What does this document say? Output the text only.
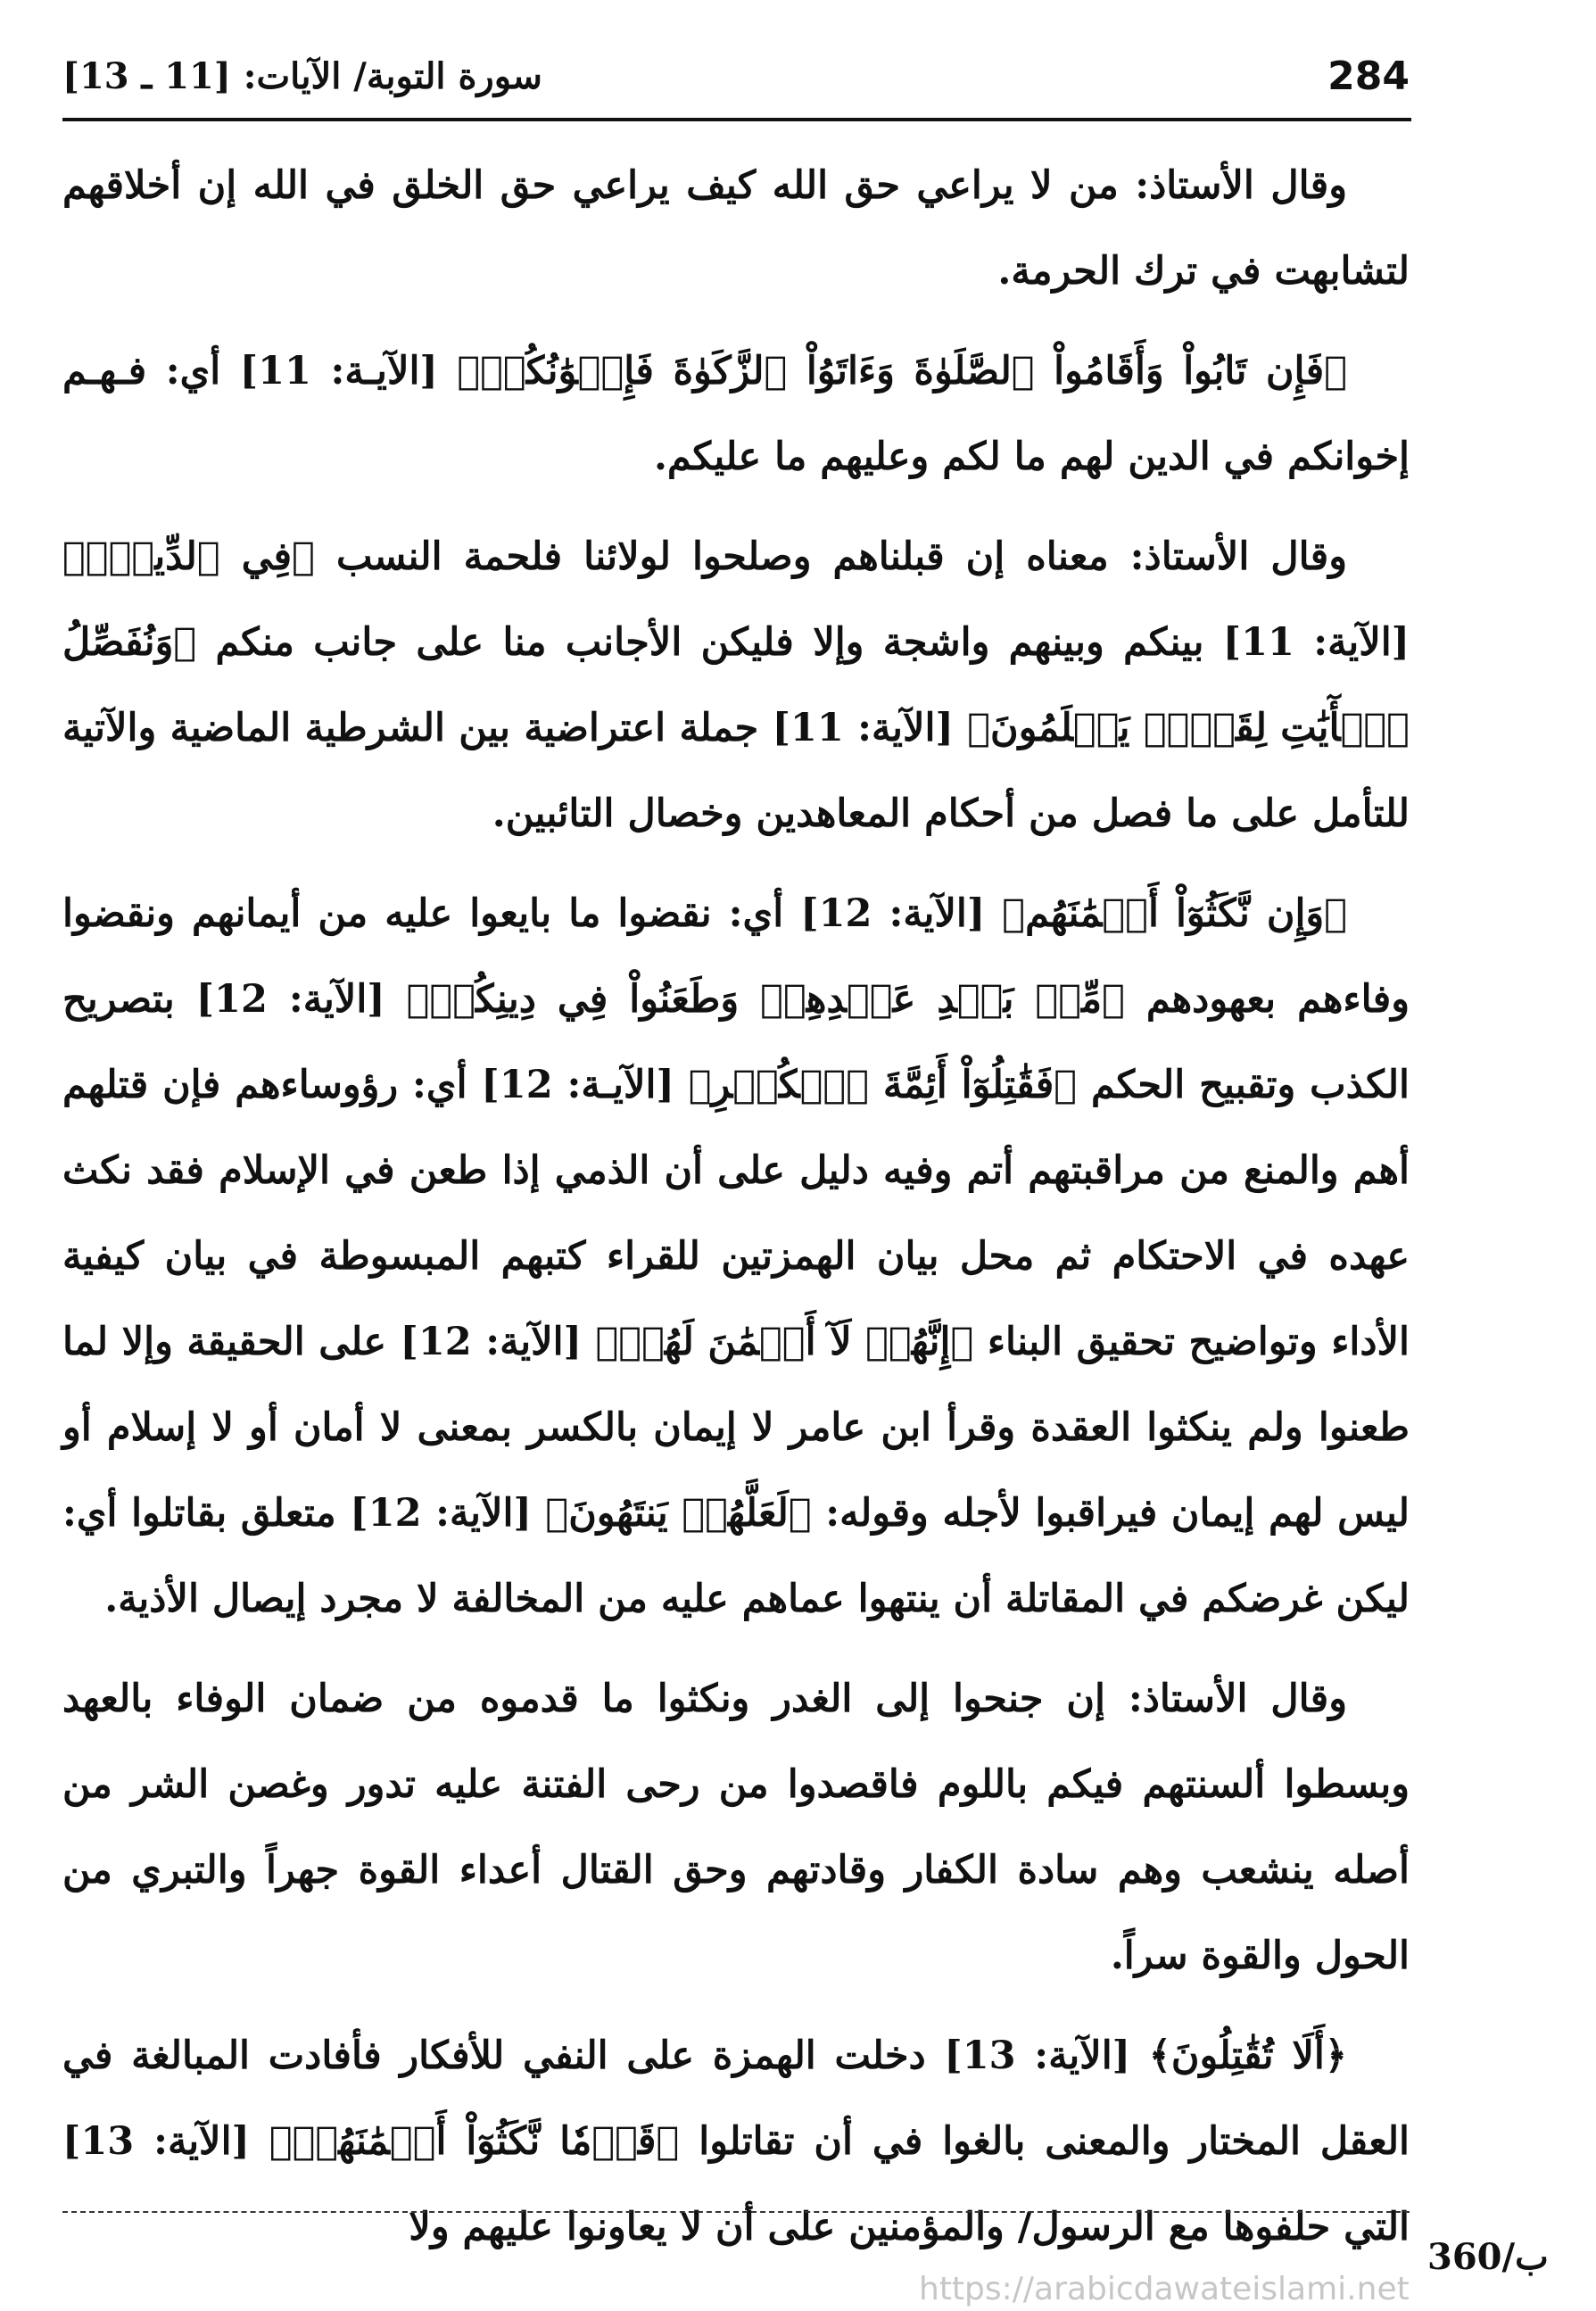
284
سورة التوبة/ الآيات: [11 ـ 13]

وقال الأستاذ: من لا يراعي حق الله كيف يراعي حق الخلق في الله إن أخلاقهم لتشابهت في ترك الحرمة.

﴿فَإِن تَابُواْ وَأَقَامُواْ ٱلصَّلَوٰةَ وَءَاتَوُاْ ٱلزَّكَوٰةَ فَإِخۡوَٰنُكُمۡ﴾ [الآيـة: 11] أي: فـهـم إخوانكم في الدين لهم ما لكم وعليهم ما عليكم.

وقال الأستاذ: معناه إن قبلناهم وصلحوا لولائنا فلحمة النسب ﴿فِي ٱلدِّينِۗ﴾ [الآية: 11] بينكم وبينهم واشجة وإلا فليكن الأجانب منا على جانب منكم ﴿وَنُفَصِّلُ ٱلۡأٓيَٰتِ لِقَوۡمٖ يَعۡلَمُونَ﴾ [الآية: 11] جملة اعتراضية بين الشرطية الماضية والآتية للتأمل على ما فصل من أحكام المعاهدين وخصال التائبين.

﴿وَإِن نَّكَثُوٓاْ أَيۡمَٰنَهُم﴾ [الآية: 12] أي: نقضوا ما بايعوا عليه من أيمانهم ونقضوا وفاءهم بعهودهم ﴿مِّنۢ بَعۡدِ عَهۡدِهِمۡ وَطَعَنُواْ فِي دِينِكُمۡ﴾ [الآية: 12] بتصريح الكذب وتقبيح الحكم ﴿فَقَٰتِلُوٓاْ أَئِمَّةَ ٱلۡكُفۡرِ﴾ [الآيـة: 12] أي: رؤوساءهم فإن قتلهم أهم والمنع من مراقبتهم أتم وفيه دليل على أن الذمي إذا طعن في الإسلام فقد نكث عهده في الاحتكام ثم محل بيان الهمزتين للقراء كتبهم المبسوطة في بيان كيفية الأداء وتواضيح تحقيق البناء ﴿إِنَّهُمۡ لَآ أَيۡمَٰنَ لَهُمۡ﴾ [الآية: 12] على الحقيقة وإلا لما طعنوا ولم ينكثوا العقدة وقرأ ابن عامر لا إيمان بالكسر بمعنى لا أمان أو لا إسلام أو ليس لهم إيمان فيراقبوا لأجله وقوله: ﴿لَعَلَّهُمۡ يَنتَهُونَ﴾ [الآية: 12] متعلق بقاتلوا أي: ليكن غرضكم في المقاتلة أن ينتهوا عماهم عليه من المخالفة لا مجرد إيصال الأذية.

وقال الأستاذ: إن جنحوا إلى الغدر ونكثوا ما قدموه من ضمان الوفاء بالعهد وبسطوا ألسنتهم فيكم باللوم فاقصدوا من رحى الفتنة عليه تدور وغصن الشر من أصله ينشعب وهم سادة الكفار وقادتهم وحق القتال أعداء القوة جهراً والتبري من الحول والقوة سراً.

﴿أَلَا تُقَٰتِلُونَ﴾ [الآية: 13] دخلت الهمزة على النفي للأفكار فأفادت المبالغة في العقل المختار والمعنى بالغوا في أن تقاتلوا ﴿قَوۡمٗا نَّكَثُوٓاْ أَيۡمَٰنَهُمۡ﴾ [الآية: 13] التي حلفوها مع الرسول/ والمؤمنين على أن لا يعاونوا عليهم ولا

360/ب
https://arabicdawateislami.net
